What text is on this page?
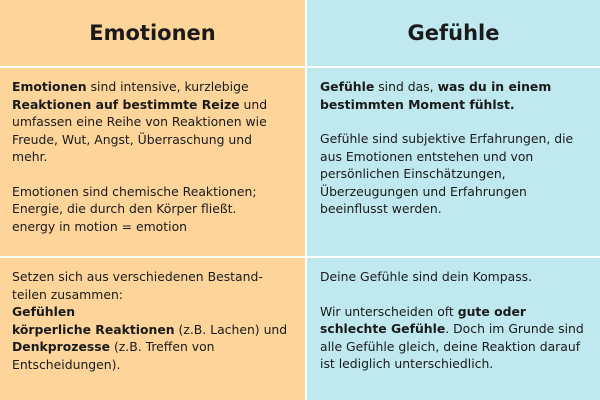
Emotionen	Gefühle

Emotionen sind intensive, kurzlebige Reaktionen auf bestimmte Reize und umfassen eine Reihe von Reaktionen wie Freude, Wut, Angst, Überraschung und mehr.

Emotionen sind chemische Reaktionen;
Energie, die durch den Körper fließt.
energy in motion = emotion

Gefühle sind das, was du in einem bestimmten Moment fühlst.

Gefühle sind subjektive Erfahrungen, die aus Emotionen entstehen und von persönlichen Einschätzungen, Überzeugungen und Erfahrungen beeinflusst werden.

Setzen sich aus verschiedenen Bestand-
teilen zusammen:
Gefühlen
körperliche Reaktionen (z.B. Lachen) und
Denkprozesse (z.B. Treffen von Entscheidungen).

Deine Gefühle sind dein Kompass.

Wir unterscheiden oft gute oder schlechte Gefühle. Doch im Grunde sind alle Gefühle gleich, deine Reaktion darauf ist lediglich unterschiedlich.
